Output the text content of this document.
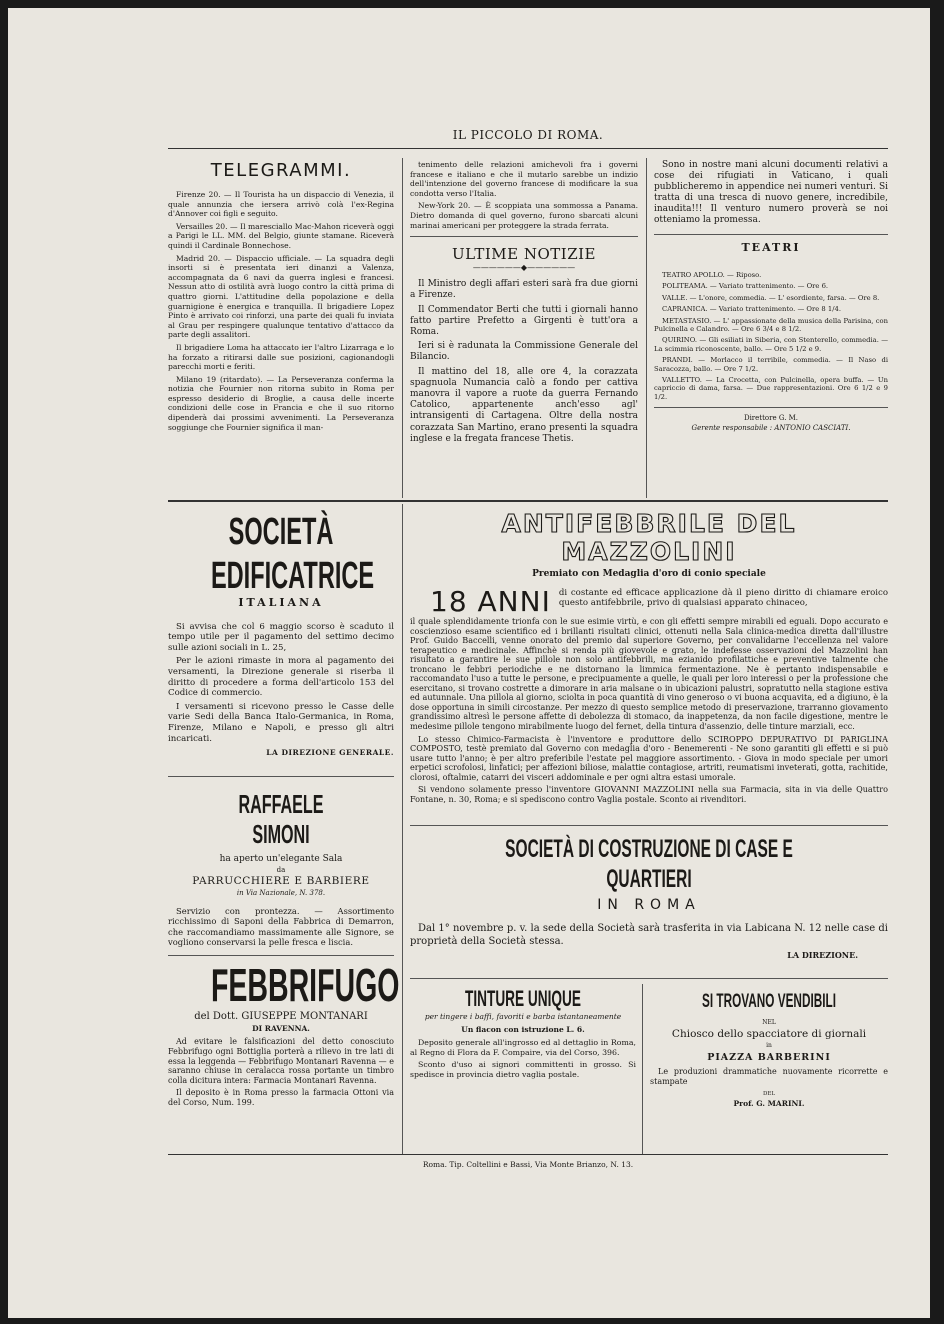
IL PICCOLO DI ROMA.
TELEGRAMMI.

Firenze 20. — Il Tourista ha un dispaccio di Venezia, il quale annunzia che iersera arrivò colà l'ex-Regina d'Annover coi figli e seguito.

Versailles 20. — Il maresciallo Mac-Mahon riceverà oggi a Parigi le LL. MM. del Belgio, giunte stamane. Riceverà quindi il Cardinale Bonnechose.

Madrid 20. — Dispaccio ufficiale. — La squadra degli insorti si è presentata ieri dinanzi a Valenza, accompagnata da 6 navi da guerra inglesi e francesi. Nessun atto di ostilità avrà luogo contro la città prima di quattro giorni. L'attitudine della popolazione e della guarnigione è energica e tranquilla. Il brigadiere Lopez Pinto è arrivato coi rinforzi, una parte dei quali fu inviata al Grau per respingere qualunque tentativo d'attacco da parte degli assalitori.

Il brigadiere Loma ha attaccato ier l'altro Lizarraga e lo ha forzato a ritirarsi dalle sue posizioni, cagionandogli parecchi morti e feriti.

Milano 19 (ritardato). — La Perseveranza conferma la notizia che Fournier non ritorna subito in Roma per espresso desiderio di Broglie, a causa delle incerte condizioni delle cose in Francia e che il suo ritorno dipenderà dai prossimi avvenimenti. La Perseveranza soggiunge che Fournier significa il man-

tenimento delle relazioni amichevoli fra i governi francese e italiano e che il mutarlo sarebbe un indizio dell'intenzione del governo francese di modificare la sua condotta verso l'Italia.

New-York 20. — È scoppiata una sommossa a Panama. Dietro domanda di quel governo, furono sbarcati alcuni marinai americani per proteggere la strada ferrata.

ULTIME NOTIZIE
——————◆——————

Il Ministro degli affari esteri sarà fra due giorni a Firenze.

Il Commendator Berti che tutti i giornali hanno fatto partire Prefetto a Girgenti è tutt'ora a Roma.

Ieri si è radunata la Commissione Generale del Bilancio.

Il mattino del 18, alle ore 4, la corazzata spagnuola Numancia calò a fondo per cattiva manovra il vapore a ruote da guerra Fernando Catolico, appartenente anch'esso agl' intransigenti di Cartagena. Oltre della nostra corazzata San Martino, erano presenti la squadra inglese e la fregata francese Thetis.

Sono in nostre mani alcuni documenti relativi a cose dei rifugiati in Vaticano, i quali pubblicheremo in appendice nei numeri venturi. Si tratta di una tresca di nuovo genere, incredibile, inaudita!!! Il venturo numero proverà se noi otteniamo la promessa.

TEATRI

TEATRO APOLLO. — Riposo.

POLITEAMA. — Variato trattenimento. — Ore 6.

VALLE. — L'onore, commedia. — L' esordiente, farsa. — Ore 8.

CAPRANICA. — Variato trattenimento. — Ore 8 1/4.

METASTASIO. — L' appassionate della musica della Parisina, con Pulcinella e Calandro. — Ore 6 3/4 e 8 1/2.

QUIRINO. — Gli esiliati in Siberia, con Stenterello, commedia. — La scimmia riconoscente, ballo. — Ore 5 1/2 e 9.

PRANDI. — Morlacco il terribile, commedia. — Il Naso di Saracozza, ballo. — Ore 7 1/2.

VALLETTO. — La Crocetta, con Pulcinella, opera buffa. — Un capriccio di dama, farsa. — Due rappresentazioni. Ore 6 1/2 e 9 1/2.

Direttore G. M.
Gerente responsabile : ANTONIO CASCIATI.
SOCIETÀ EDIFICATRICE
ITALIANA

Si avvisa che col 6 maggio scorso è scaduto il tempo utile per il pagamento del settimo decimo sulle azioni sociali in L. 25,

Per le azioni rimaste in mora al pagamento dei versamenti, la Direzione generale si riserba il diritto di procedere a forma dell'articolo 153 del Codice di commercio.

I versamenti si ricevono presso le Casse delle varie Sedi della Banca Italo-Germanica, in Roma, Firenze, Milano e Napoli, e presso gli altri incaricati.

LA DIREZIONE GENERALE.
RAFFAELE SIMONI
ha aperto un'elegante Sala
da
PARRUCCHIERE E BARBIERE
in Via Nazionale, N. 378.

Servizio con prontezza. — Assortimento ricchissimo di Saponi della Fabbrica di Demarron, che raccomandiamo massimamente alle Signore, se vogliono conservarsi la pelle fresca e liscia.

FEBBRIFUGO
del Dott. GIUSEPPE MONTANARI
DI RAVENNA.

Ad evitare le falsificazioni del detto conosciuto Febbrifugo ogni Bottiglia porterà a rilievo in tre lati di essa la leggenda — Febbrifugo Montanari Ravenna — e saranno chiuse in ceralacca rossa portante un timbro colla dicitura intera: Farmacia Montanari Ravenna.

Il deposito è in Roma presso la farmacia Ottoni via del Corso, Num. 199.

ANTIFEBBRILE DEL MAZZOLINI
Premiato con Medaglia d'oro di conio speciale
18 ANNI di costante ed efficace applicazione dà il pieno diritto di chiamare eroico questo antifebbrile, privo di qualsiasi apparato chinaceo,

il quale splendidamente trionfa con le sue esimie virtù, e con gli effetti sempre mirabili ed eguali. Dopo accurato e coscienzioso esame scientifico ed i brillanti risultati clinici, ottenuti nella Sala clinica-medica diretta dall'illustre Prof. Guido Baccelli, venne onorato del premio dal superiore Governo, per convalidarne l'eccellenza nel valore terapeutico e medicinale. Affinchè si renda più giovevole e grato, le indefesse osservazioni del Mazzolini han risultato a garantire le sue pillole non solo antifebbrili, ma ezianido profilattiche e preventive talmente che troncano le febbri periodiche e ne distornano la limmica fermentazione. Ne è pertanto indispensabile e raccomandato l'uso a tutte le persone, e precipuamente a quelle, le quali per loro interessi o per la professione che esercitano, si trovano costrette a dimorare in aria malsane o in ubicazioni palustri, sopratutto nella stagione estiva ed autunnale. Una pillola al giorno, sciolta in poca quantità di vino generoso o vi buona acquavita, ed a digiuno, è la dose opportuna in simili circostanze. Per mezzo di questo semplice metodo di preservazione, trarranno giovamento grandissimo altresì le persone affette di debolezza di stomaco, da inappetenza, da non facile digestione, mentre le medesime pillole tengono mirabilmente luogo del fernet, della tintura d'assenzio, delle tinture marziali, ecc.

Lo stesso Chimico-Farmacista è l'inventore e produttore dello SCIROPPO DEPURATIVO DI PARIGLINA COMPOSTO, testè premiato dal Governo con medaglia d'oro - Benemerenti - Ne sono garantiti gli effetti e si può usare tutto l'anno; è per altro preferibile l'estate pel maggiore assortimento. - Giova in modo speciale per umori erpetici scrofolosi, linfatici; per affezioni biliose, malattie contagiose, artriti, reumatismi inveterati, gotta, rachitide, clorosi, oftalmie, catarri dei visceri addominale e per ogni altra estasi umorale.

Si vendono solamente presso l'inventore GIOVANNI MAZZOLINI nella sua Farmacia, sita in via delle Quattro Fontane, n. 30, Roma; e si spediscono contro Vaglia postale. Sconto ai rivenditori.

SOCIETÀ DI COSTRUZIONE DI CASE E QUARTIERI
IN ROMA

Dal 1° novembre p. v. la sede della Società sarà trasferita in via Labicana N. 12 nelle case di proprietà della Società stessa.

LA DIREZIONE.
TINTURE UNIQUE
per tingere i baffi, favoriti e barba istantaneamente
Un flacon con istruzione L. 6.

Deposito generale all'ingrosso ed al dettaglio in Roma, al Regno di Flora da F. Compaire, via del Corso, 396.

Sconto d'uso ai signori committenti in grosso. Si spedisce in provincia dietro vaglia postale.

SI TROVANO VENDIBILI
NEL
Chiosco dello spacciatore di giornali
in
PIAZZA BARBERINI

Le produzioni drammatiche nuovamente ricorrette e stampate

DEL
Prof. G. MARINI.
Roma. Tip. Coltellini e Bassi, Via Monte Brianzo, N. 13.
